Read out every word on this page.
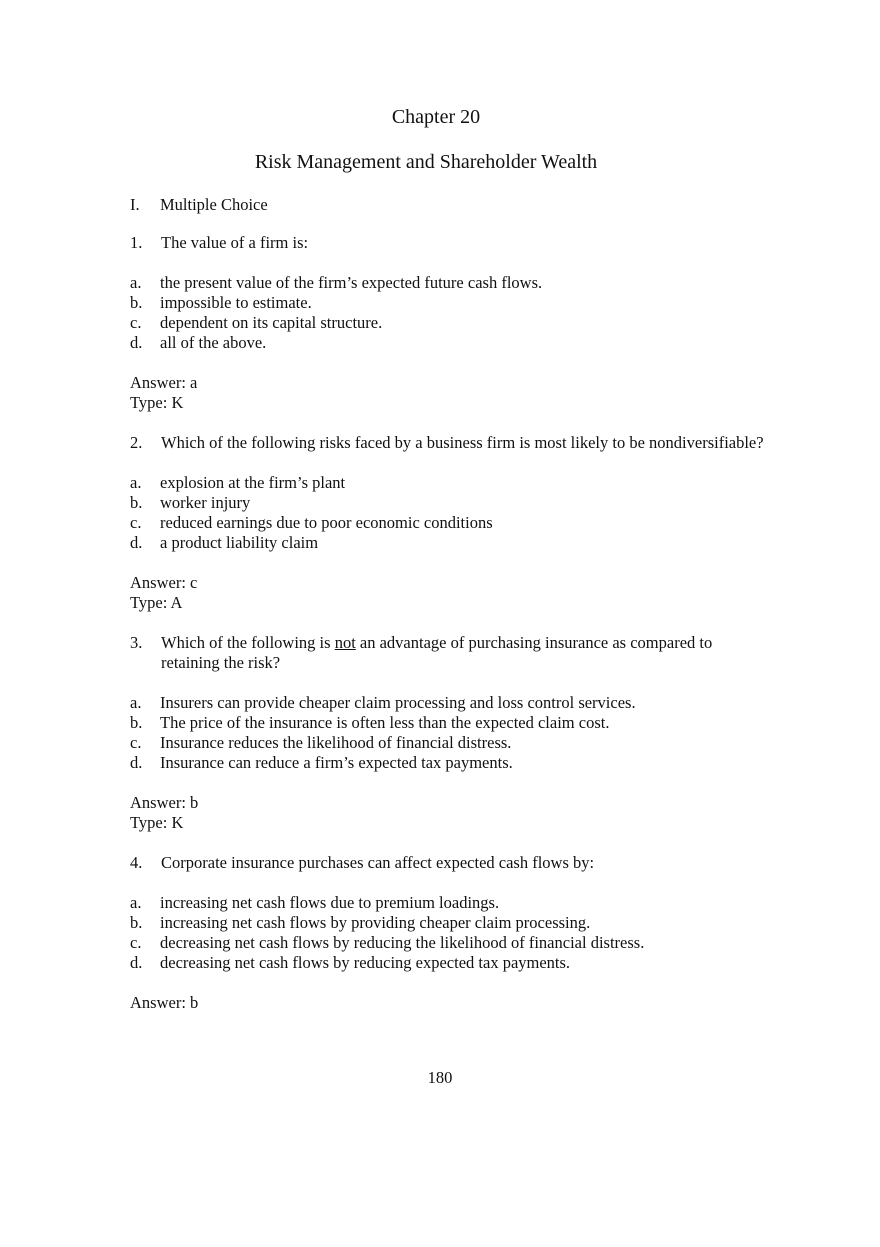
Chapter 20
Risk Management and Shareholder Wealth
I. Multiple Choice
1.	The value of a firm is:
a.	the present value of the firm’s expected future cash flows.
b.	impossible to estimate.
c.	dependent on its capital structure.
d.	all of the above.
Answer: a
Type: K
2.	Which of the following risks faced by a business firm is most likely to be nondiversifiable?
a.	explosion at the firm’s plant
b.	worker injury
c.	reduced earnings due to poor economic conditions
d.	a product liability claim
Answer: c
Type: A
3.	Which of the following is not an advantage of purchasing insurance as compared to retaining the risk?
a.	Insurers can provide cheaper claim processing and loss control services.
b.	The price of the insurance is often less than the expected claim cost.
c.	Insurance reduces the likelihood of financial distress.
d.	Insurance can reduce a firm’s expected tax payments.
Answer: b
Type: K
4.	Corporate insurance purchases can affect expected cash flows by:
a.	increasing net cash flows due to premium loadings.
b.	increasing net cash flows by providing cheaper claim processing.
c.	decreasing net cash flows by reducing the likelihood of financial distress.
d.	decreasing net cash flows by reducing expected tax payments.
Answer: b
180
